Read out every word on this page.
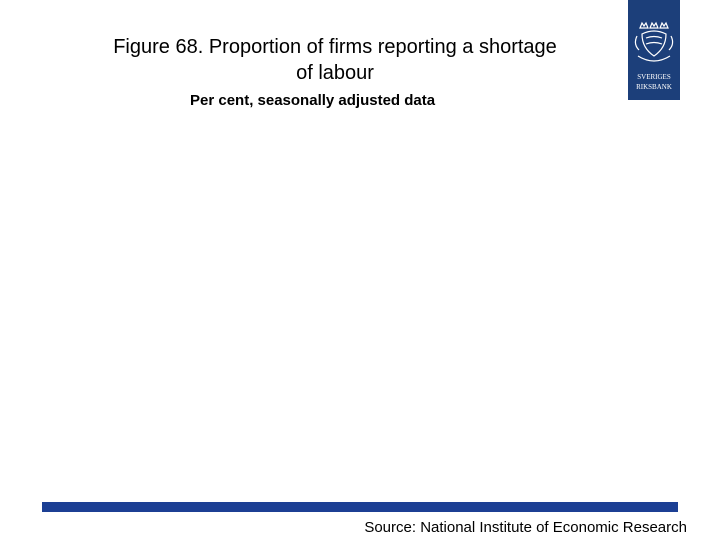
Figure 68. Proportion of firms reporting a shortage
of labour
Per cent, seasonally adjusted data
SVERIGES
RIKSBANK
Source: National Institute of Economic Research
